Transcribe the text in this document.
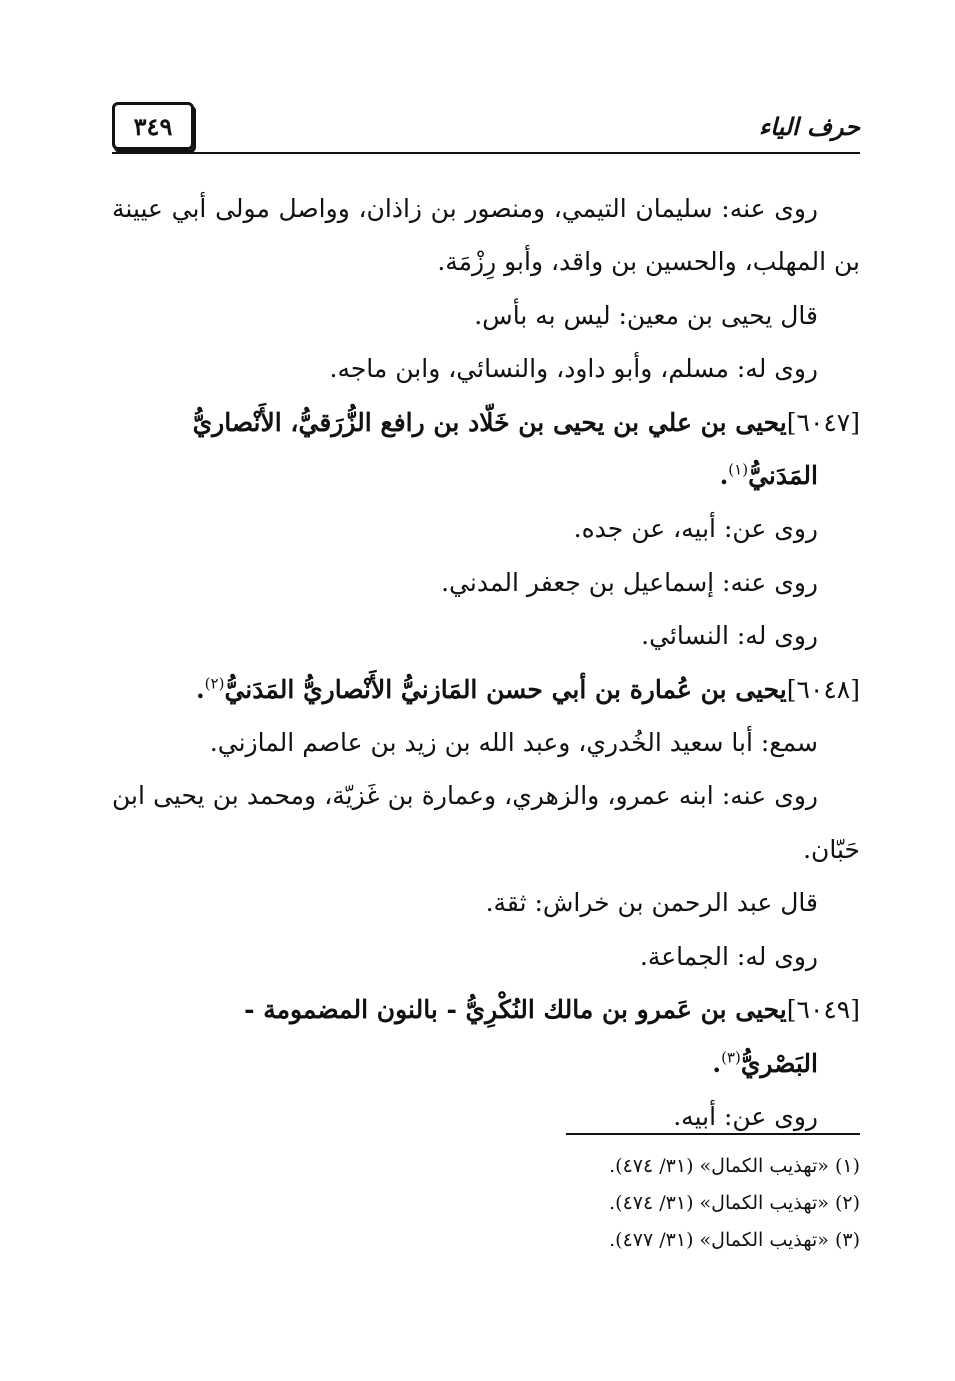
٣٤٩	حرف الياء

روى عنه: سليمان التيمي، ومنصور بن زاذان، وواصل مولى أبي عيينة بن المهلب، والحسين بن واقد، وأبو رِزْمَة.

قال يحيى بن معين: ليس به بأس.

روى له: مسلم، وأبو داود، والنسائي، وابن ماجه.

[٦٠٤٧]يحيى بن علي بن يحيى بن خَلّاد بن رافع الزُّرَقيُّ، الأَنْصاريُّ
المَدَنيُّ$^{(١)}$.

روى عن: أبيه، عن جده.

روى عنه: إسماعيل بن جعفر المدني.

روى له: النسائي.

[٦٠٤٨]يحيى بن عُمارة بن أبي حسن المَازنيُّ الأَنْصاريُّ المَدَنيُّ$^{(٢)}$.

سمع: أبا سعيد الخُدري، وعبد الله بن زيد بن عاصم المازني.

روى عنه: ابنه عمرو، والزهري، وعمارة بن غَزيّة، ومحمد بن يحيى ابن حَبّان.

قال عبد الرحمن بن خراش: ثقة.

روى له: الجماعة.

[٦٠٤٩]يحيى بن عَمرو بن مالك النُكْرِيُّ - بالنون المضمومة -
البَصْريُّ$^{(٣)}$.

روى عن: أبيه.

(١) «تهذيب الكمال» (٣١/ ٤٧٤).

(٢) «تهذيب الكمال» (٣١/ ٤٧٤).

(٣) «تهذيب الكمال» (٣١/ ٤٧٧).
